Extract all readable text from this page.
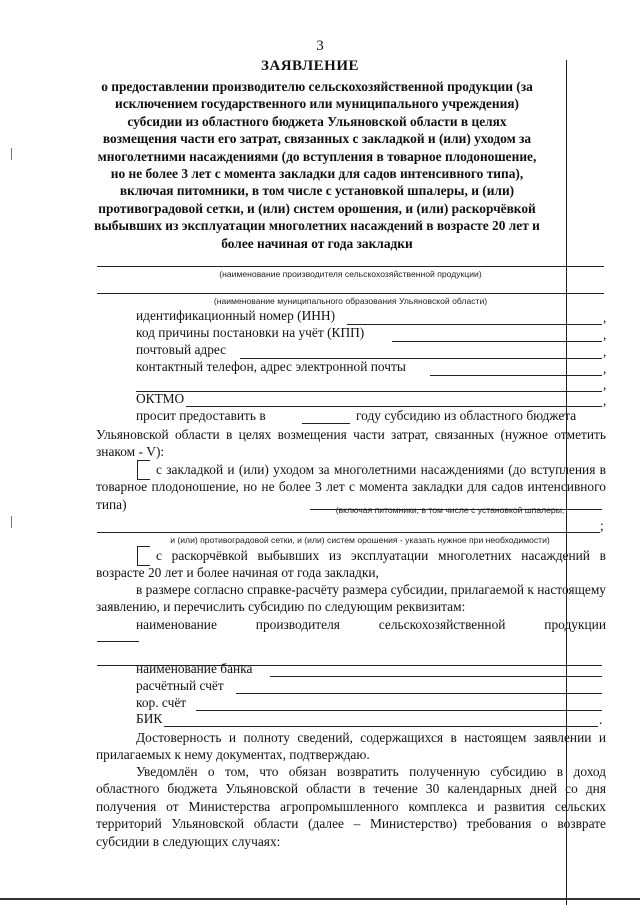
3
ЗАЯВЛЕНИЕ
о предоставлении производителю сельскохозяйственной продукции (за исключением государственного или муниципального учреждения) субсидии из областного бюджета Ульяновской области в целях возмещения части его затрат, связанных с закладкой и (или) уходом за многолетними насаждениями (до вступления в товарное плодоношение, но не более 3 лет с момента закладки для садов интенсивного типа), включая питомники, в том числе с установкой шпалеры, и (или) противоградовой сетки, и (или) систем орошения, и (или) раскорчёвкой выбывших из эксплуатации многолетних насаждений в возрасте 20 лет и более начиная от года закладки
(наименование производителя сельскохозяйственной продукции)
(наименование муниципального образования Ульяновской области)
идентификационный номер (ИНН)	,
код причины постановки на учёт (КПП)	,
почтовый адрес	,
контактный телефон, адрес электронной почты	,
,
ОКТМО	,
просит предоставить в	году субсидию из областного бюджета
Ульяновской области в целях возмещения части затрат, связанных (нужное отметить знаком - V):
с закладкой и (или) уходом за многолетними насаждениями (до вступления в товарное плодоношение, но не более 3 лет с момента закладки для садов интенсивного типа)	(включая питомники, в том числе с установкой шпалеры,
;
и (или) противоградовой сетки, и (или) систем орошения - указать нужное при необходимости)
с раскорчёвкой выбывших из эксплуатации многолетних насаждений в возрасте 20 лет и более начиная от года закладки,
в размере согласно справке-расчёту размера субсидии, прилагаемой к настоящему заявлению, и перечислить субсидию по следующим реквизитам:
наименование производителя сельскохозяйственной продукции
наименование банка
расчётный счёт
кор. счёт
БИК	.
Достоверность и полноту сведений, содержащихся в настоящем заявлении и прилагаемых к нему документах, подтверждаю.
Уведомлён о том, что обязан возвратить полученную субсидию в доход областного бюджета Ульяновской области в течение 30 календарных дней со дня получения от Министерства агропромышленного комплекса и развития сельских территорий Ульяновской области (далее – Министерство) требования о возврате субсидии в следующих случаях:
